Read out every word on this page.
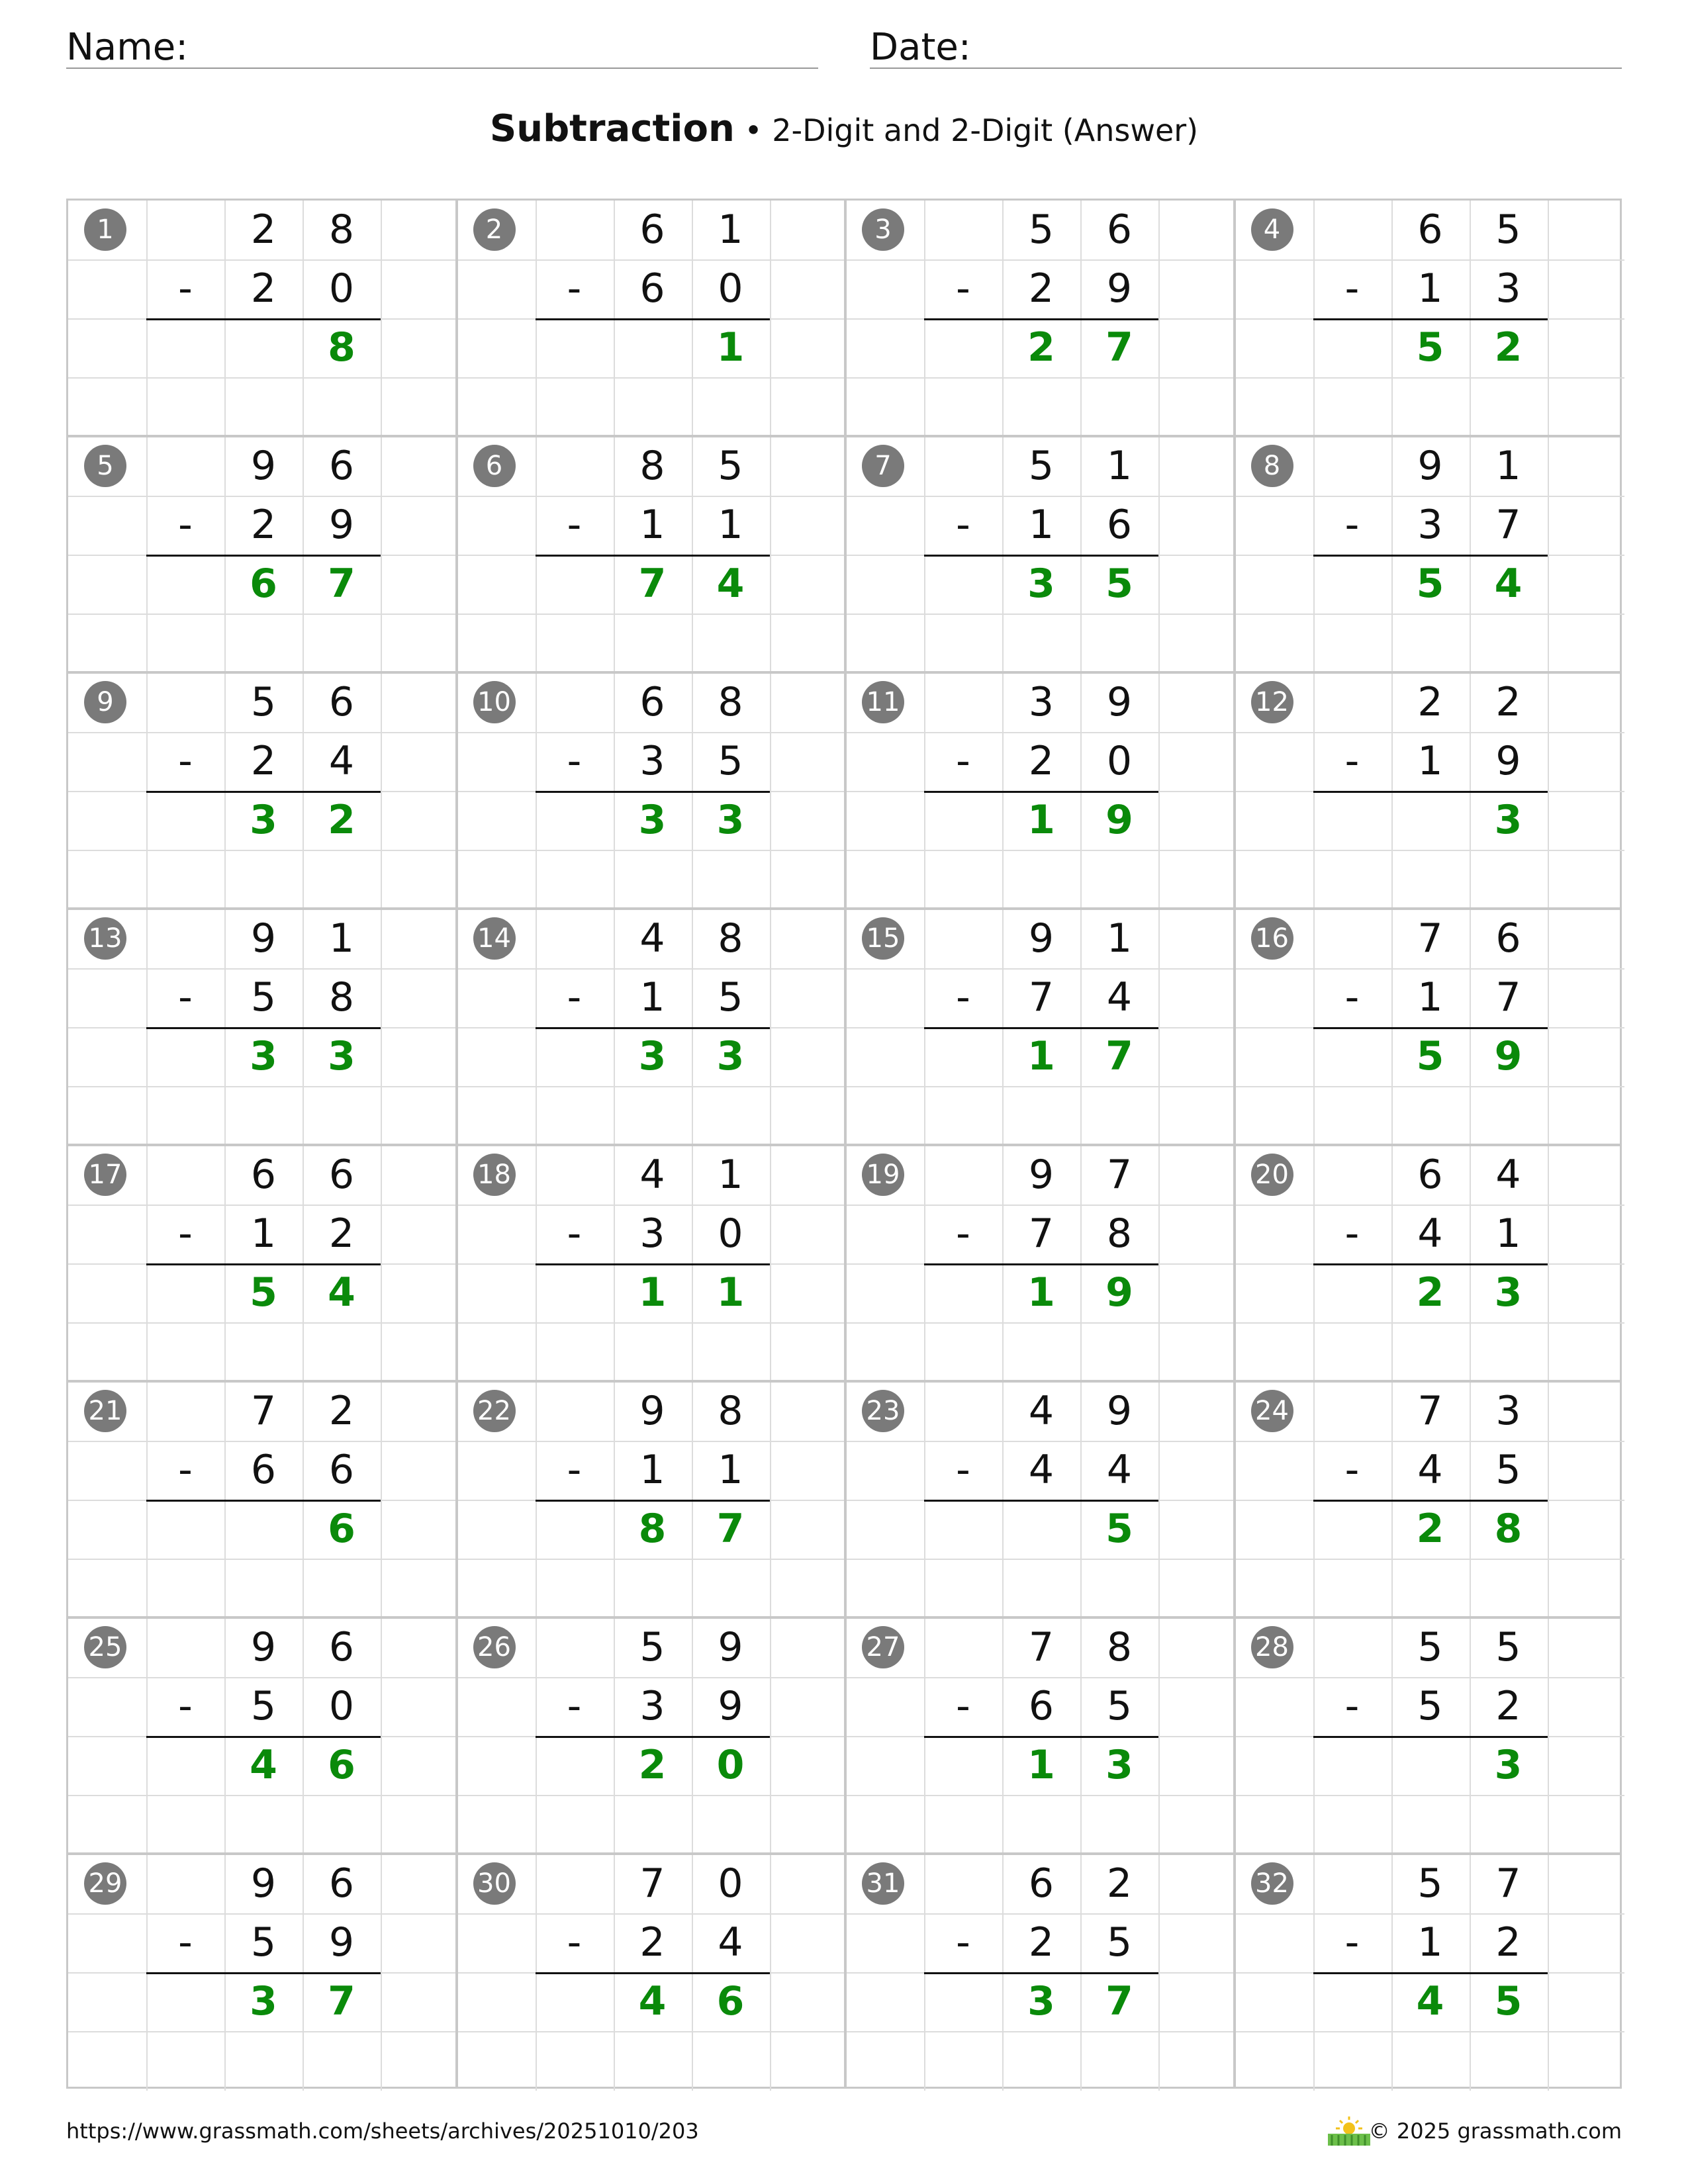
Name:	Date:
Subtraction • 2-Digit and 2-Digit (Answer)
1	2	8
-	2	0
8
2	6	1
-	6	0
1
3	5	6
-	2	9
2	7
4	6	5
-	1	3
5	2
5	9	6
-	2	9
6	7
6	8	5
-	1	1
7	4
7	5	1
-	1	6
3	5
8	9	1
-	3	7
5	4
9	5	6
-	2	4
3	2
10	6	8
-	3	5
3	3
11	3	9
-	2	0
1	9
12	2	2
-	1	9
3
13	9	1
-	5	8
3	3
14	4	8
-	1	5
3	3
15	9	1
-	7	4
1	7
16	7	6
-	1	7
5	9
17	6	6
-	1	2
5	4
18	4	1
-	3	0
1	1
19	9	7
-	7	8
1	9
20	6	4
-	4	1
2	3
21	7	2
-	6	6
6
22	9	8
-	1	1
8	7
23	4	9
-	4	4
5
24	7	3
-	4	5
2	8
25	9	6
-	5	0
4	6
26	5	9
-	3	9
2	0
27	7	8
-	6	5
1	3
28	5	5
-	5	2
3
29	9	6
-	5	9
3	7
30	7	0
-	2	4
4	6
31	6	2
-	2	5
3	7
32	5	7
-	1	2
4	5
https://www.grassmath.com/sheets/archives/20251010/203	© 2025 grassmath.com
